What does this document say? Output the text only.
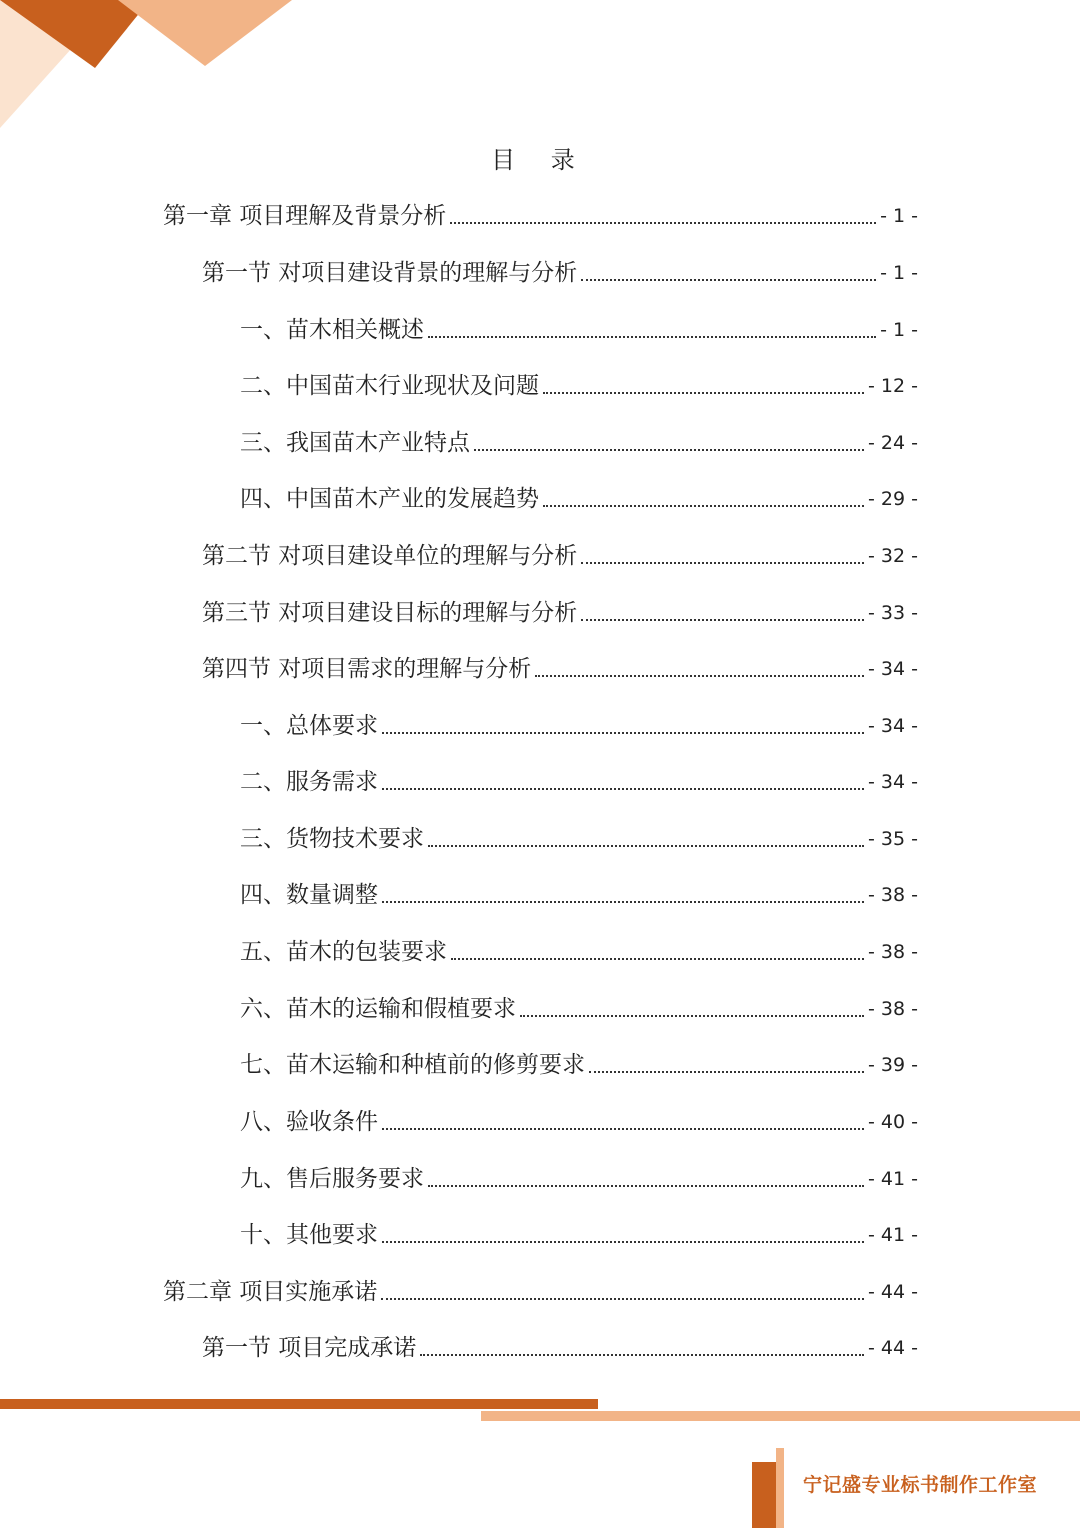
目 录
第一章 项目理解及背景分析	- 1 -
第一节 对项目建设背景的理解与分析	- 1 -
一、苗木相关概述	- 1 -
二、中国苗木行业现状及问题	- 12 -
三、我国苗木产业特点	- 24 -
四、中国苗木产业的发展趋势	- 29 -
第二节 对项目建设单位的理解与分析	- 32 -
第三节 对项目建设目标的理解与分析	- 33 -
第四节 对项目需求的理解与分析	- 34 -
一、总体要求	- 34 -
二、服务需求	- 34 -
三、货物技术要求	- 35 -
四、数量调整	- 38 -
五、苗木的包装要求	- 38 -
六、苗木的运输和假植要求	- 38 -
七、苗木运输和种植前的修剪要求	- 39 -
八、验收条件	- 40 -
九、售后服务要求	- 41 -
十、其他要求	- 41 -
第二章 项目实施承诺	- 44 -
第一节 项目完成承诺	- 44 -
宁记盛专业标书制作工作室
